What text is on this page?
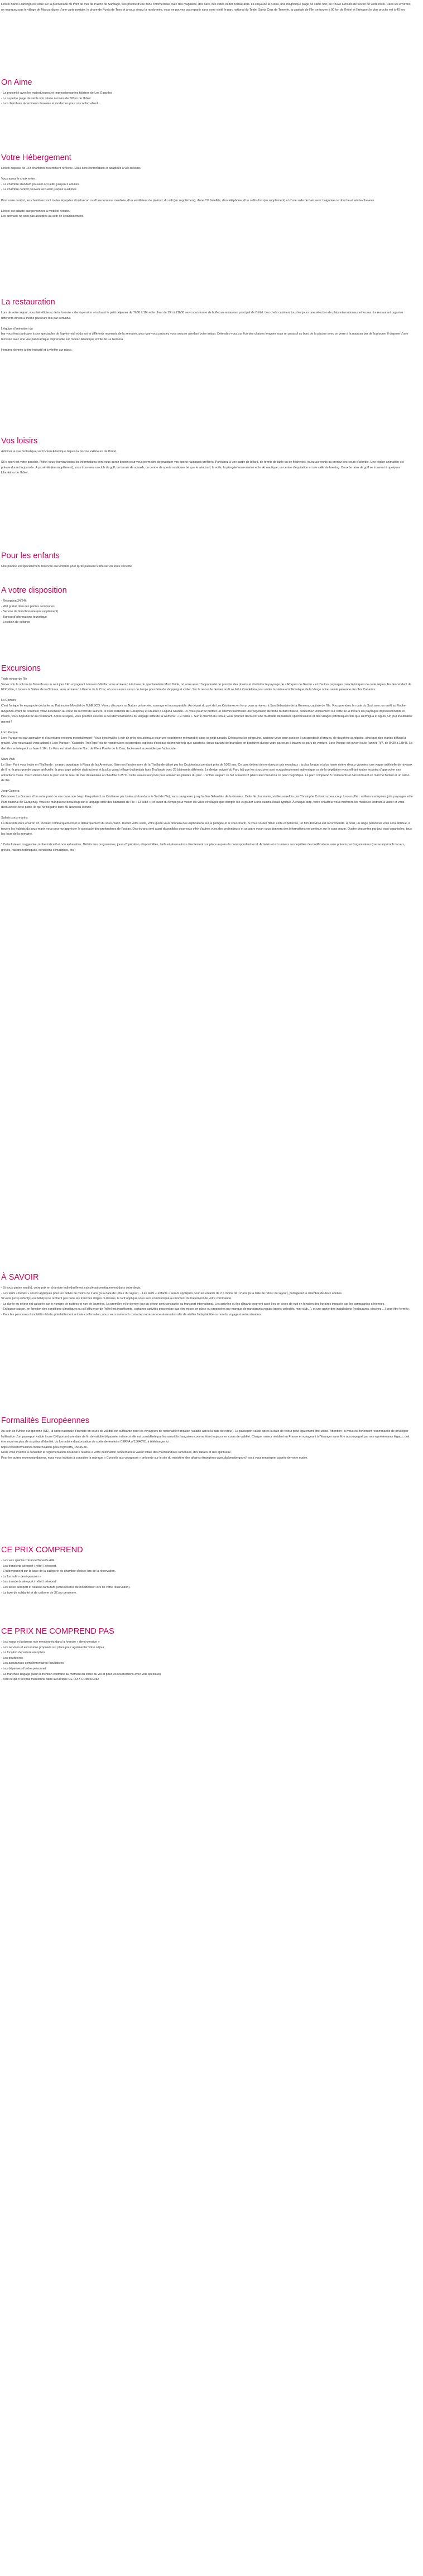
L'hôtel Bahia Flamingo est situé sur la promenade du front de mer de Puerto de Santiago, très proche d'une zone commerciale avec des magasins, des bars, des cafés et des restaurants. La Playa de la Arena, une magnifique plage de sable noir, se trouve à moins de 500 m de votre hôtel. Dans les environs, ne manquez pas le village de Masca, digne d'une carte postale, le phare de Punta de Teno et à vous aimez la randonnée, vous ne pouvez pas repartir sans avoir visité le parc national du Teide. Santa Cruz de Tenerife, la capitale de l'île, se trouve à 90 km de l'hôtel et l'aéroport le plus proche est à 40 km.

On Aime
- La proximité avec les majestueuses et impressionnantes falaises de Los Gigantes
- La superbe plage de sable noir située à moins de 500 m de l'hôtel
- Les chambres récemment rénovées et modernes pour un confort absolu
Votre Hébergement

L'hôtel dispose de 143 chambres récemment rénovée. Elles sont confortables et adaptées à vos besoins.

Vous aurez le choix entre :
- La chambre standard pouvant accueillir jusqu'à 2 adultes.
- La chambre confort pouvant accueillir jusqu'à 3 adultes.

Pour votre confort, les chambres sont toutes équipées d'un balcon ou d'une terrasse meublée, d'un ventilateur de plafond, du wifi (en supplément), d'une TV Satellite, d'un téléphone, d'un coffre-fort (en supplément) et d'une salle de bain avec baignoire ou douche et sèche-cheveux.

L'hôtel est adapté aux personnes à mobilité réduite.
Les animaux ne sont pas acceptés au sein de l'établissement.

La restauration

Lors de votre séjour, vous bénéficierez de la formule « demi-pension » incluant le petit déjeuner de 7h30 à 10h et le dîner de 19h à 21h30 servi sous forme de buffet au restaurant principal de l'hôtel. Les chefs cuisinent tous les jours une sélection de plats internationaux et locaux. Le restaurant organise différents dîners à thème plusieurs fois par semaine.

L'équipe d'animation du
bar vous fera participer à ses spectacles de l'après-midi et du soir à différents moments de la semaine, pour que vous puissiez vous amuser pendant votre séjour. Détendez-vous sur l'un des chaises longues sous un parasol au bord de la piscine avec un verre à la main au bar de la piscine. Il dispose d'une terrasse avec une vue panoramique imprenable sur l'océan Atlantique et l'île de La Gomera.

Horaires donnés à titre indicatif et à vérifier sur place.

Vos loisirs

Admirez la vue fantastique sur l'océan Atlantique depuis la piscine extérieure de l'hôtel.

Si le sport est votre passion, l'hôtel vous fournira toutes les informations dont vous aurez besoin pour vous permettre de pratiquer vos sports nautiques préférés. Participez à une partie de billard, de tennis de table ou de fléchettes, jouez au tennis ou prenez des cours d'aérobic. Une légère animation est prévue durant la journée. À proximité (en supplément), vous trouverez un club de golf, un terrain de squash, un centre de sports nautiques tel que le windsurf, la voile, la plongée sous-marine et le ski nautique, un centre d'équitation et une salle de bowling. Deux terrains de golf se trouvent à quelques kilomètres de l'hôtel.

Pour les enfants

Une piscine est spécialement réservée aux enfants pour qu'ils puissent s'amuser en toute sécurité.

A votre disposition
- Réception 24/24h
- Wifi gratuit dans les parties communes
- Service de blanchisserie (en supplément)
- Bureau d'informations touristique
- Location de voitures
Excursions
Teide et tour de l'île

Venez voir le volcan de Tenerife en un seul jour ! En voyageant à travers Vilaflor, vous arriverez à la base du spectaculaire Mont Teide, où vous aurez l'opportunité de prendre des photos et d'admirer le paysage de « Roques de García » et d'autres paysages caractéristiques de cette région. En descendant de El Portillo, à travers la Vallée de la Orotava, vous arriverez à Puerto de la Cruz, où vous aurez assez de temps pour faire du shopping et visiter. Sur le retour, le dernier arrêt se fait à Candelaria pour visiter la statue emblématique de la Vierge noire, sainte patronne des îles Canaries.

La Gomera

C'est l'unique île espagnole déclarée au Patrimoine Mondial de l'UNESCO. Venez découvrir sa Nature préservée, sauvage et incomparable. Au départ du port de Los Cristianos en ferry, vous arriverez à San Sebastián de la Gomera, capitale de l'île. Vous prendrez la route du Sud, avec un arrêt au Rocher d'Agando avant de continuer votre ascension au cœur de la forêt de lauriers, le Parc National de Garajonay et un arrêt à Laguna Grande. Ici, vous pourrez profiter un chemin traversant une végétation de frêne tardant intacte, concernez uniquement sur cette île. A travers les paysages impressionnants et intacts, vous déjeunerez au restaurant. Après le repas, vous pourrez assister à des démonstrations du langage sifflé de la Gomera : « El Silbo ». Sur le chemin du retour, vous pourrez découvrir une multitude de falaises spectaculaires et des villages pittoresques tels que Hermigua et Agulo. Un jour inoubliable garanti !

Loro Parque

Loro Parque est par animalier et d'aventures reconnu mondialement ! Vous êtes invités à voir de près des animaux pour une expérience mémorable dans ce petit paradis. Découvrez les pingouins, assistez-vous pour assister à un spectacle d'orques, de dauphins acrobates, ainsi que des otaries défiant la gravité. Une nouveauté vous attend à Loro Parque : "Katandra TreeTops" où de nombreuses et superbes espèces d'oiseaux du monde tels que cacatoès, émus sautant de branches en branches durant votre parcours à travers ce parc de verdure. Loro Parque est ouvert toute l'année 7j/7, de 8h30 à 18h45. La dernière entrée peut se faire à 16h. Le Parc est situé dans le Nord de l'île à Puerto de la Cruz, facilement accessible par l'autoroute.

Siam Park

Le Siam Park vous invite en Thaïlande : un parc aquatique à Playa de las Americas. Siam est l'ancien nom de la Thaïlande utilisé par les Occidentaux pendant près de 1000 ans. Ce parc détient de nombreuse prix mondiaux : la plus longue et plus haute rivière d'eaux vivantes, une vague artificielle de niveaux de 8 m, la plus grande vague artificielle, la plus large palette d'attractions et la plus grand village thaïlandais hors Thaïlande avec 25 bâtiments différents. Le design soigné du Parc fait que les structures sont scrupuleusement authentique ce de la végétation vous offrant toutes les joies d'approcher ces attractions d'eau. Ceux utilisés dans le parc est de l'eau de mer désalinisée et chauffée à 25°C. Cette eau est recyclée pour arroser les plantes du parc. L'entrée au parc se fait à travers 2 piliers leur menant à ce parc magnifique. Le parc comprend 5 restaurants et bars incluant un marché flottant et un salon de thé.

Jeep Gomera

Découvrez La Gomera d'un autre point de vue dans une Jeep. En quittant Los Cristianos par bateau (situé dans le Sud de l'île), vous naviguerez jusqu'à San Sebastián de la Gomera. Cette île charmante, visitée autrefois par Christophe Colomb a beaucoup à vous offrir : collines escarpées, jolis paysages et le Parc national de Garajonay. Vous ne manquerez beaucoup sur le langage sifflé des habitants de l'île « El Silbo », et aurez du temps pour visiter les villes et villages que compte l'île et goûter à une cuisine locale typique. À chaque stop, votre chauffeur vous montrera les meilleurs endroits à visiter et vous découvrirez cette petite île qui fût négatrie terre du Nouveau Monde.

Safaris sous-marins

La descente dure environ 1h, incluant l'embarquement et le débarquement du sous-marin. Durant votre visite, votre guide vous donnera des explications sur la plongée et le sous-marin. Si vous voulez filmer cette expérience, un film 400 ASA est recommandé. À bord, un siège personnel vous sera attribué, à travers les hublots du sous-marin vous pourrez apprécier le spectacle des profondeurs de l'océan. Des écrans sont aussi disponibles pour vous offrir d'autres vues des profondeurs et un autre écran vous donnera des informations en continue sur le sous-marin. Quatre descentes par jour sont organisées, tous les jours de la semaine.

* Cette liste est suggestive, à titre indicatif et non exhaustive. Détails des programmes, jours d'opération, disponibilités, tarifs et réservations directement sur place auprès du correspondant local. Activités et excursions susceptibles de modifications sans préavis par l'organisateur (cause impératifs locaux, grèves, raisons techniques, conditions climatiques, etc.)

À SAVOIR
- Si vous partez seul(e), votre prix en chambre individuelle est calculé automatiquement dans votre devis.
- Les tarifs « bébés » seront appliqués pour les bébés de moins de 2 ans (à la date de retour du séjour). - Les tarifs « enfants » seront appliqués pour les enfants de 2 à moins de 12 ans (à la date de retour du séjour), partageant la chambre de deux adultes.
Si votre (vos) enfant(s) ou bébé(s) ne rentrent pas dans les tranches d'âges ci-dessus, le tarif appliqué vous sera communiqué au moment du traitement de votre commande.
- La durée du séjour est calculée sur le nombre de nuitées et non de journées. La première et le dernier jour du séjour sont consacrés au transport international. Les arrivées ou les départs pourront avoir lieu en cours de nuit en fonction des horaires imposés par les compagnies aériennes.
- En basse saison, en fonction des conditions climatiques ou si l'affluence de l'hôtel est insuffisante, certaines activités peuvent ne pas être mises en place ou proposées par manque de participants requis (sports collectifs, mini-club...), et une partie des installations (restaurants, piscines,...) peut être fermée.
- Pour les personnes à mobilité réduite, préalablement à toute confirmation, nous vous invitons à contacter notre service réservation afin de vérifier l'adaptabilité ou non du voyage à votre situation.
Formalités Européennes

Au sein de l'Union européenne (UE), la carte nationale d'identité en cours de validité est suffisante pour les voyageurs de nationalité française (valable après la date de retour). Le passeport valide après la date de retour peut également être utilisé. Attention : si vous est fortement recommandé de privilégier l'utilisation d'un passeport valide à une CNI portant une date de fin de validité dépassée, même si elle est considérée par les autorités françaises comme étant toujours en cours de validité. Chaque mineur résidant en France et voyageant à l'étranger sans être accompagné par ses représentants légaux, doit être muni en plus de sa pièce d'identité, du formulaire d'autorisation de sortie de territoire CERFA n°15646*01 à télécharger ici :

https://www.formulaires.modernisation.gouv.fr/gf/cerfa_15646.do.

Nous vous invitons à consulter la réglementation douanière relative à votre destination concernant la valeur totale des marchandises ramenées, des tabacs et des spiritueux.

Pour les autres recommandations, nous vous invitons à consulter la rubrique « Conseils aux voyageurs » présente sur le site du ministère des affaires étrangères www.diplomatie.gouv.fr ou à vous renseigner auprès de votre mairie.

CE PRIX COMPREND
- Les vols spéciaux France/Tenerife A/R.
- Les transferts aéroport / hôtel / aéroport.
- L'hébergement sur la base de la catégorie de chambre choisie lors de la réservation.
- La formule « demi-pension »
- Les transferts aéroport / hôtel / aéroport
- Les taxes aéroport et hausse carburant (sous réserve de modification lors de votre réservation).
- La taxe de solidarité et de carbone de 3€ par personne.
CE PRIX NE COMPREND PAS
- Les repas et boissons non mentionnés dans la formule « demi-pension »
- Les services et excursions proposés sur place pour agrémenter votre séjour
- La location de voiture en option
- Les pourboires
- Les assurances complémentaires facultatives
- Les dépenses d'ordre personnel
- La franchise bagage (sauf si mention contraire au moment du choix du vol et pour les réservations avec vols spéciaux)
- Tout ce qui n'est pas mentionné dans la rubrique CE PRIX COMPREND
